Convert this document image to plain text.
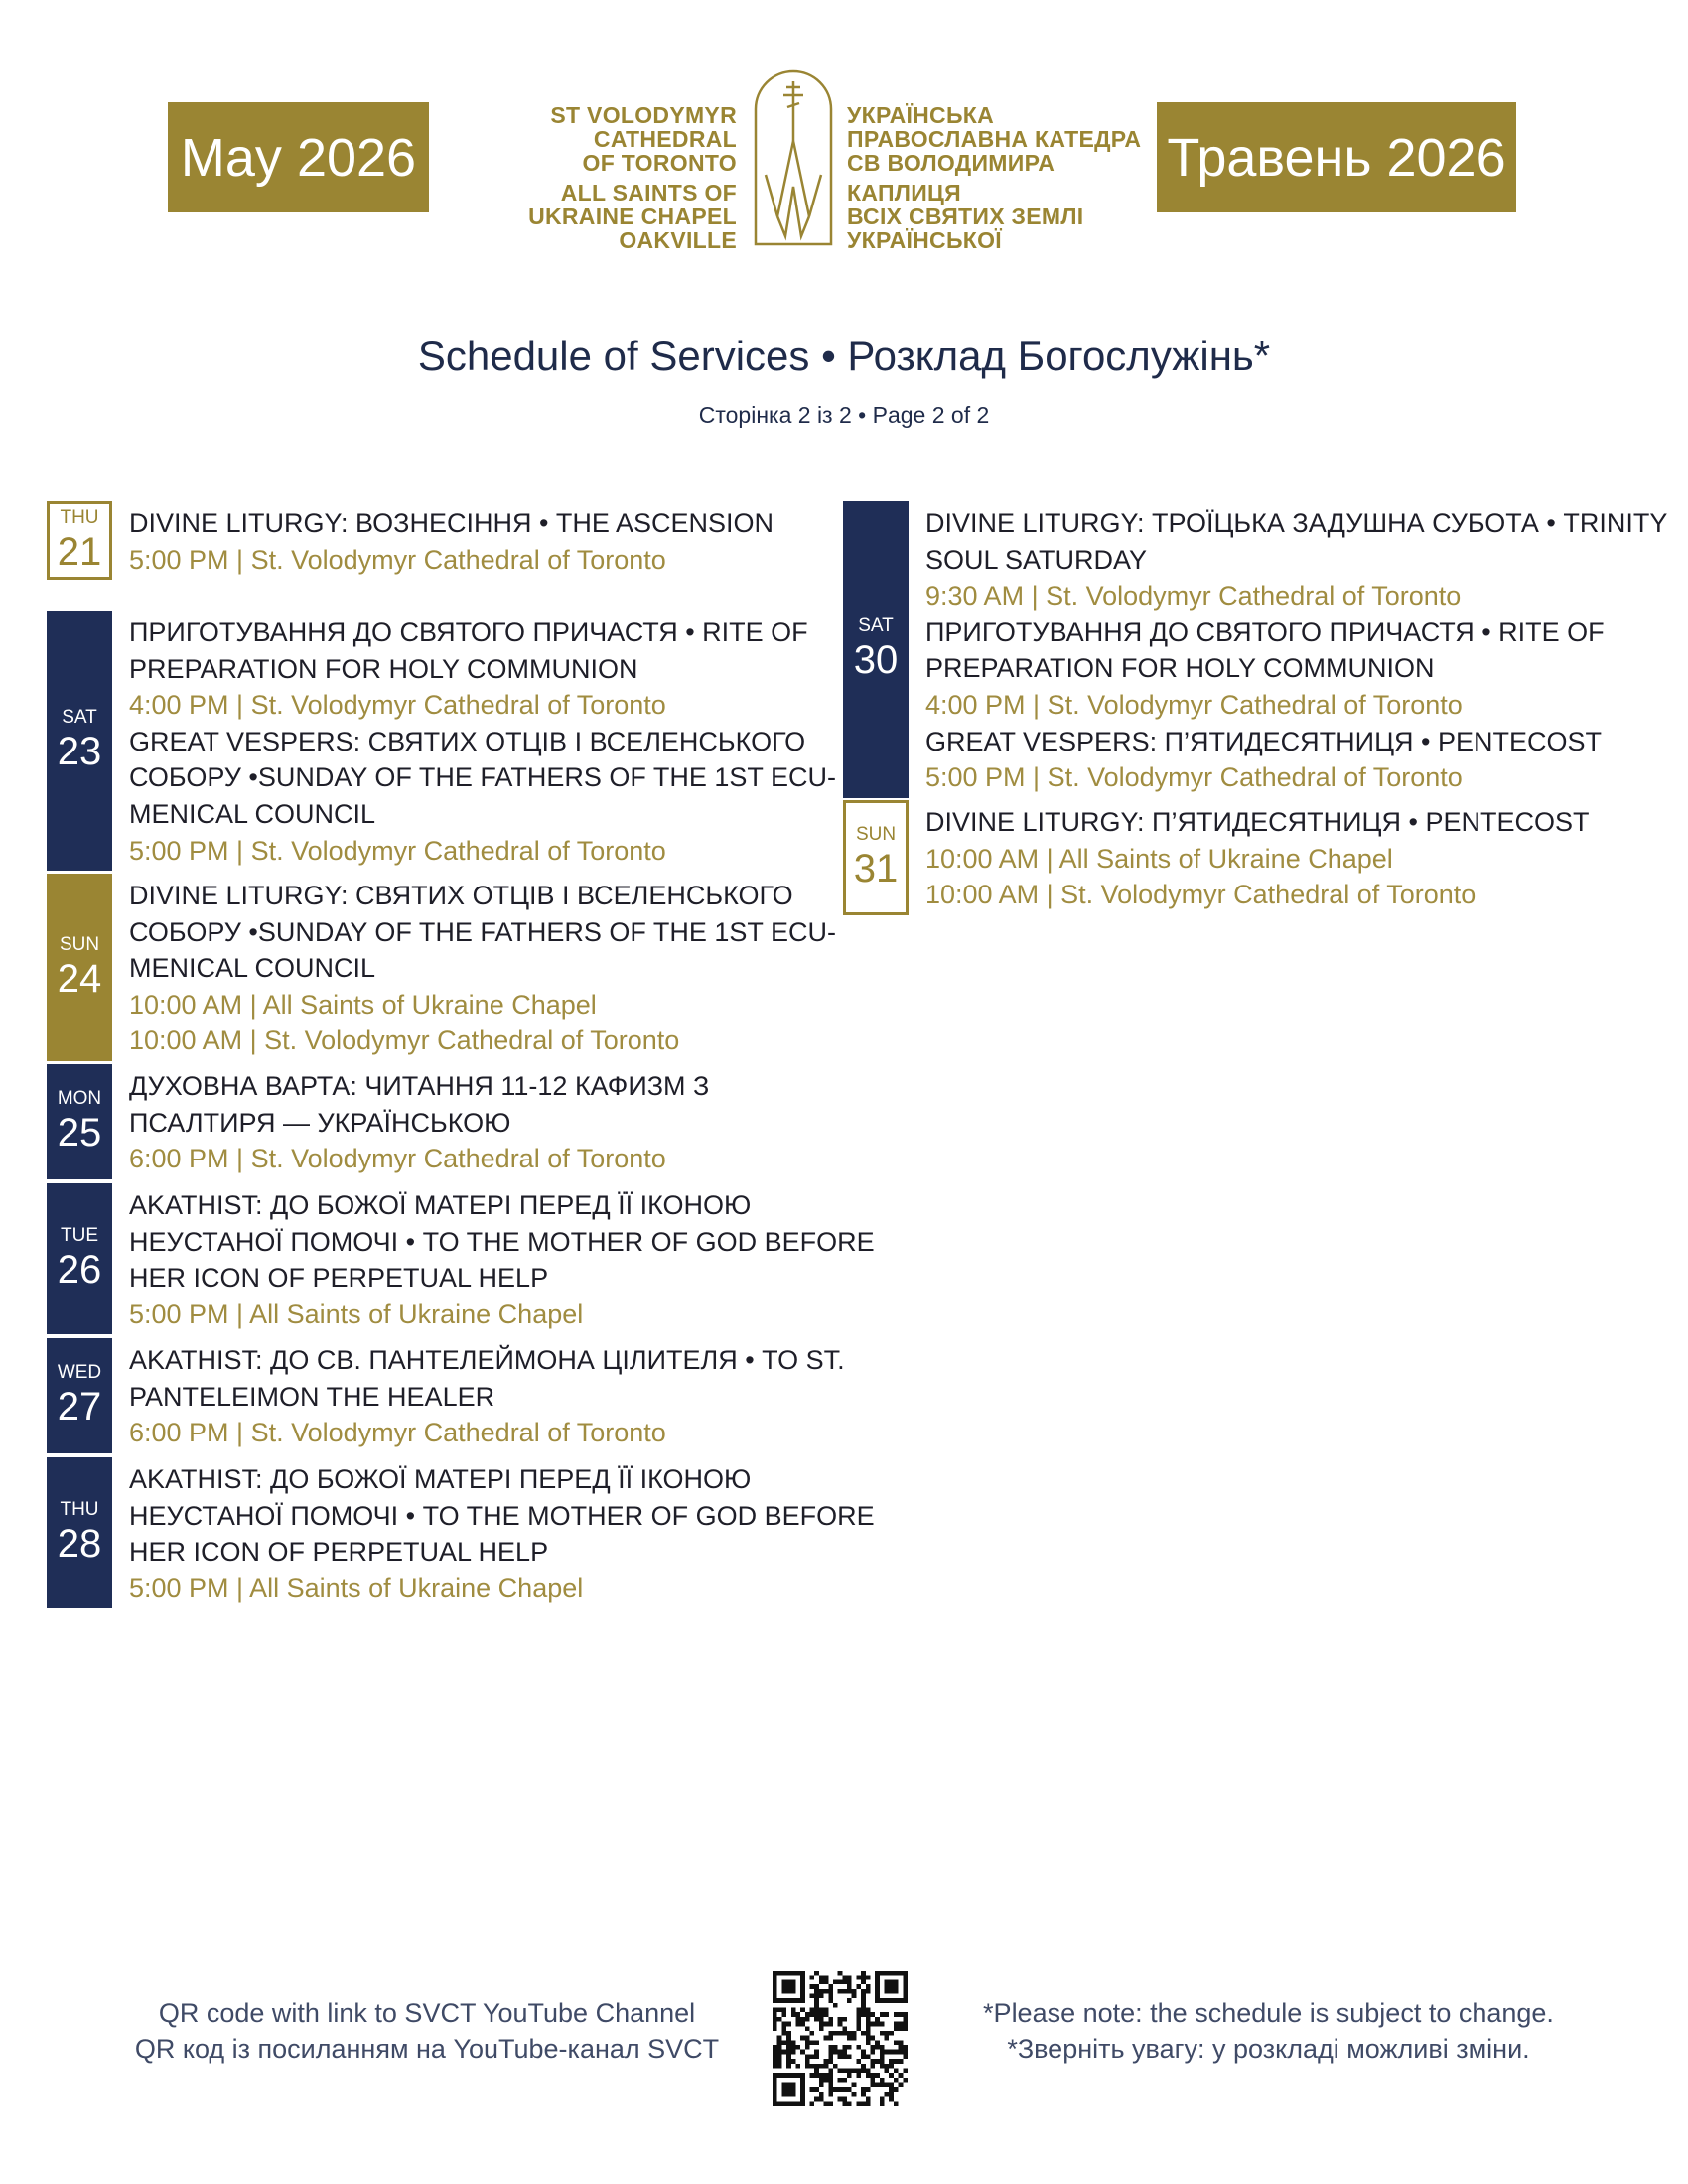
May 2026	Травень 2026
ST VOLODYMYR
CATHEDRAL
OF TORONTO
ALL SAINTS OF
UKRAINE CHAPEL
OAKVILLE
УКРАЇНСЬКА
ПРАВОСЛАВНА КАТЕДРА
СВ ВОЛОДИМИРА
КАПЛИЦЯ
ВСІХ СВЯТИХ ЗЕМЛІ
УКРАЇНСЬКОЇ
Schedule of Services • Розклад Богослужінь*
Сторінка 2 із 2 • Page 2 of 2
THU
21
DIVINE LITURGY: ВОЗНЕСІННЯ • THE ASCENSION
5:00 PM | St. Volodymyr Cathedral of Toronto
SAT
23
ПРИГОТУВАННЯ ДО СВЯТОГО ПРИЧАСТЯ • RITE OF
PREPARATION FOR HOLY COMMUNION
4:00 PM | St. Volodymyr Cathedral of Toronto
GREAT VESPERS: СВЯТИХ ОТЦІВ І ВСЕЛЕНСЬКОГО
СОБОРУ •SUNDAY OF THE FATHERS OF THE 1ST ECU-
MENICAL COUNCIL
5:00 PM | St. Volodymyr Cathedral of Toronto
SUN
24
DIVINE LITURGY: СВЯТИХ ОТЦІВ І ВСЕЛЕНСЬКОГО
СОБОРУ •SUNDAY OF THE FATHERS OF THE 1ST ECU-
MENICAL COUNCIL
10:00 AM | All Saints of Ukraine Chapel
10:00 AM | St. Volodymyr Cathedral of Toronto
MON
25
ДУХОВНА ВАРТА: ЧИТАННЯ 11-12 КАФИЗМ З
ПСАЛТИРЯ — УКРАЇНСЬКОЮ
6:00 PM | St. Volodymyr Cathedral of Toronto
TUE
26
AKATHIST: ДО БОЖОЇ МАТЕРІ ПЕРЕД ЇЇ ІКОНОЮ
НЕУСТАНОЇ ПОМОЧІ • TO THE MOTHER OF GOD BEFORE
HER ICON OF PERPETUAL HELP
5:00 PM | All Saints of Ukraine Chapel
WED
27
AKATHIST: ДО СВ. ПАНТЕЛЕЙМОНА ЦІЛИТЕЛЯ • TO ST.
PANTELEIMON THE HEALER
6:00 PM | St. Volodymyr Cathedral of Toronto
THU
28
AKATHIST: ДО БОЖОЇ МАТЕРІ ПЕРЕД ЇЇ ІКОНОЮ
НЕУСТАНОЇ ПОМОЧІ • TO THE MOTHER OF GOD BEFORE
HER ICON OF PERPETUAL HELP
5:00 PM | All Saints of Ukraine Chapel
SAT
30
DIVINE LITURGY: ТРОЇЦЬКА ЗАДУШНА СУБОТА • TRINITY
SOUL SATURDAY
9:30 AM | St. Volodymyr Cathedral of Toronto
ПРИГОТУВАННЯ ДО СВЯТОГО ПРИЧАСТЯ • RITE OF
PREPARATION FOR HOLY COMMUNION
4:00 PM | St. Volodymyr Cathedral of Toronto
GREAT VESPERS: П’ЯТИДЕСЯТНИЦЯ • PENTECOST
5:00 PM | St. Volodymyr Cathedral of Toronto
SUN
31
DIVINE LITURGY: П’ЯТИДЕСЯТНИЦЯ • PENTECOST
10:00 AM | All Saints of Ukraine Chapel
10:00 AM | St. Volodymyr Cathedral of Toronto
QR code with link to SVCT YouTube Channel
QR код із посиланням на YouTube-канал SVCT
*Please note: the schedule is subject to change.
*Зверніть увагу: у розкладі можливі зміни.
